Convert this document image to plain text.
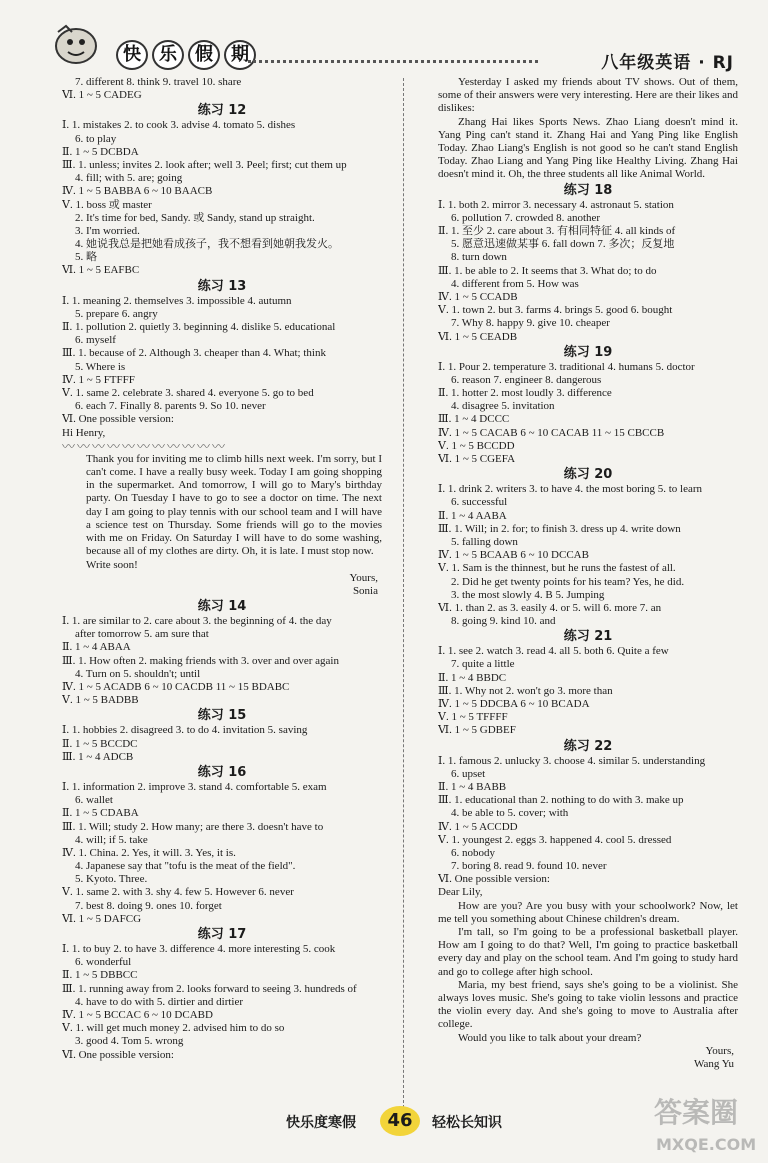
快	乐	假	期	八年级英语 · RJ
7. different 8. think 9. travel 10. share
Ⅵ. 1 ~ 5 CADEG
练习 12
Ⅰ. 1. mistakes 2. to cook 3. advise 4. tomato 5. dishes
6. to play
Ⅱ. 1 ~ 5 DCBDA
Ⅲ. 1. unless; invites 2. look after; well 3. Peel; first; cut them up
4. fill; with 5. are; going
Ⅳ. 1 ~ 5 BABBA 6 ~ 10 BAACB
Ⅴ. 1. boss 或 master
2. It's time for bed, Sandy. 或 Sandy, stand up straight.
3. I'm worried.
4. 她说我总是把她看成孩子，我不想看到她朝我发火。
5. 略
Ⅵ. 1 ~ 5 EAFBC
练习 13
Ⅰ. 1. meaning 2. themselves 3. impossible 4. autumn
5. prepare 6. angry
Ⅱ. 1. pollution 2. quietly 3. beginning 4. dislike 5. educational
6. myself
Ⅲ. 1. because of 2. Although 3. cheaper than 4. What; think
5. Where is
Ⅳ. 1 ~ 5 FTFFF
Ⅴ. 1. same 2. celebrate 3. shared 4. everyone 5. go to bed
6. each 7. Finally 8. parents 9. So 10. never
Ⅵ. One possible version:
Hi Henry,
〰〰〰〰〰〰〰〰〰〰〰
Thank you for inviting me to climb hills next week. I'm sorry, but I can't come. I have a really busy week. Today I am going shopping in the supermarket. And tomorrow, I will go to Mary's birthday party. On Tuesday I have to go to see a doctor on time. The next day I am going to play tennis with our school team and I will have a science test on Thursday. Some friends will go to the movies with me on Friday. On Saturday I will have to do some washing, because all of my clothes are dirty. Oh, it is late. I must stop now.
Write soon!
Yours,
Sonia
练习 14
Ⅰ. 1. are similar to 2. care about 3. the beginning of 4. the day
after tomorrow 5. am sure that
Ⅱ. 1 ~ 4 ABAA
Ⅲ. 1. How often 2. making friends with 3. over and over again
4. Turn on 5. shouldn't; until
Ⅳ. 1 ~ 5 ACADB 6 ~ 10 CACDB 11 ~ 15 BDABC
Ⅴ. 1 ~ 5 BADBB
练习 15
Ⅰ. 1. hobbies 2. disagreed 3. to do 4. invitation 5. saving
Ⅱ. 1 ~ 5 BCCDC
Ⅲ. 1 ~ 4 ADCB
练习 16
Ⅰ. 1. information 2. improve 3. stand 4. comfortable 5. exam
6. wallet
Ⅱ. 1 ~ 5 CDABA
Ⅲ. 1. Will; study 2. How many; are there 3. doesn't have to
4. will; if 5. take
Ⅳ. 1. China. 2. Yes, it will. 3. Yes, it is.
4. Japanese say that "tofu is the meat of the field".
5. Kyoto. Three.
Ⅴ. 1. same 2. with 3. shy 4. few 5. However 6. never
7. best 8. doing 9. ones 10. forget
Ⅵ. 1 ~ 5 DAFCG
练习 17
Ⅰ. 1. to buy 2. to have 3. difference 4. more interesting 5. cook
6. wonderful
Ⅱ. 1 ~ 5 DBBCC
Ⅲ. 1. running away from 2. looks forward to seeing 3. hundreds of
4. have to do with 5. dirtier and dirtier
Ⅳ. 1 ~ 5 BCCAC 6 ~ 10 DCABD
Ⅴ. 1. will get much money 2. advised him to do so
3. good 4. Tom 5. wrong
Ⅵ. One possible version:
Yesterday I asked my friends about TV shows. Out of them, some of their answers were very interesting. Here are their likes and dislikes:
Zhang Hai likes Sports News. Zhao Liang doesn't mind it. Yang Ping can't stand it. Zhang Hai and Yang Ping like English Today. Zhao Liang's English is not good so he can't stand English Today. Zhao Liang and Yang Ping like Healthy Living. Zhang Hai doesn't mind it. Oh, the three students all like Animal World.
练习 18
Ⅰ. 1. both 2. mirror 3. necessary 4. astronaut 5. station
6. pollution 7. crowded 8. another
Ⅱ. 1. 至少 2. care about 3. 有相同特征 4. all kinds of
5. 愿意迅速做某事 6. fall down 7. 多次；反复地
8. turn down
Ⅲ. 1. be able to 2. It seems that 3. What do; to do
4. different from 5. How was
Ⅳ. 1 ~ 5 CCADB
Ⅴ. 1. town 2. but 3. farms 4. brings 5. good 6. bought
7. Why 8. happy 9. give 10. cheaper
Ⅵ. 1 ~ 5 CEADB
练习 19
Ⅰ. 1. Pour 2. temperature 3. traditional 4. humans 5. doctor
6. reason 7. engineer 8. dangerous
Ⅱ. 1. hotter 2. most loudly 3. difference
4. disagree 5. invitation
Ⅲ. 1 ~ 4 DCCC
Ⅳ. 1 ~ 5 CACAB 6 ~ 10 CACAB 11 ~ 15 CBCCB
Ⅴ. 1 ~ 5 BCCDD
Ⅵ. 1 ~ 5 CGEFA
练习 20
Ⅰ. 1. drink 2. writers 3. to have 4. the most boring 5. to learn
6. successful
Ⅱ. 1 ~ 4 AABA
Ⅲ. 1. Will; in 2. for; to finish 3. dress up 4. write down
5. falling down
Ⅳ. 1 ~ 5 BCAAB 6 ~ 10 DCCAB
Ⅴ. 1. Sam is the thinnest, but he runs the fastest of all.
2. Did he get twenty points for his team? Yes, he did.
3. the most slowly 4. B 5. Jumping
Ⅵ. 1. than 2. as 3. easily 4. or 5. will 6. more 7. an
8. going 9. kind 10. and
练习 21
Ⅰ. 1. see 2. watch 3. read 4. all 5. both 6. Quite a few
7. quite a little
Ⅱ. 1 ~ 4 BBDC
Ⅲ. 1. Why not 2. won't go 3. more than
Ⅳ. 1 ~ 5 DDCBA 6 ~ 10 BCADA
Ⅴ. 1 ~ 5 TFFFF
Ⅵ. 1 ~ 5 GDBEF
练习 22
Ⅰ. 1. famous 2. unlucky 3. choose 4. similar 5. understanding
6. upset
Ⅱ. 1 ~ 4 BABB
Ⅲ. 1. educational than 2. nothing to do with 3. make up
4. be able to 5. cover; with
Ⅳ. 1 ~ 5 ACCDD
Ⅴ. 1. youngest 2. eggs 3. happened 4. cool 5. dressed
6. nobody
7. boring 8. read 9. found 10. never
Ⅵ. One possible version:
Dear Lily,
How are you? Are you busy with your schoolwork? Now, let me tell you something about Chinese children's dream.
I'm tall, so I'm going to be a professional basketball player. How am I going to do that? Well, I'm going to practice basketball every day and play on the school team. And I'm going to study hard and go to college after high school.
Maria, my best friend, says she's going to be a violinist. She always loves music. She's going to take violin lessons and practice the violin every day. And she's going to move to Australia after college.
Would you like to talk about your dream?
Yours,
Wang Yu
快乐度寒假	46	轻松长知识	答案圈
MXQE.COM
